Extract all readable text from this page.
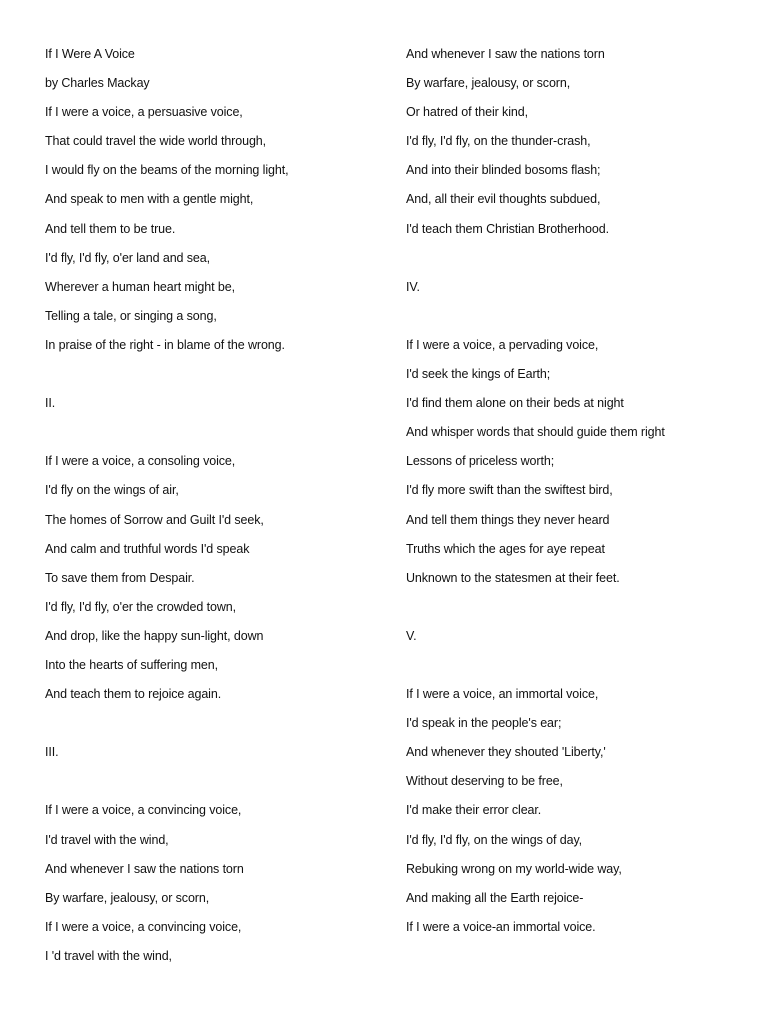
If I Were A Voice
by Charles Mackay
If I were a voice, a persuasive voice,
That could travel the wide world through,
I would fly on the beams of the morning light,
And speak to men with a gentle might,
And tell them to be true.
I'd fly, I'd fly, o'er land and sea,
Wherever a human heart might be,
Telling a tale, or singing a song,
In praise of the right - in blame of the wrong.
II.
If I were a voice, a consoling voice,
I'd fly on the wings of air,
The homes of Sorrow and Guilt I'd seek,
And calm and truthful words I'd speak
To save them from Despair.
I'd fly, I'd fly, o'er the crowded town,
And drop, like the happy sun-light, down
Into the hearts of suffering men,
And teach them to rejoice again.
III.
If I were a voice, a convincing voice,
I'd travel with the wind,
And whenever I saw the nations torn
By warfare, jealousy, or scorn,
If I were a voice, a convincing voice,
I 'd travel with the wind,
And whenever I saw the nations torn
By warfare, jealousy, or scorn,
Or hatred of their kind,
I'd fly, I'd fly, on the thunder-crash,
And into their blinded bosoms flash;
And, all their evil thoughts subdued,
I'd teach them Christian Brotherhood.
IV.
If I were a voice, a pervading voice,
I'd seek the kings of Earth;
I'd find them alone on their beds at night
And whisper words that should guide them right
Lessons of priceless worth;
I'd fly more swift than the swiftest bird,
And tell them things they never heard
Truths which the ages for aye repeat
Unknown to the statesmen at their feet.
V.
If I were a voice, an immortal voice,
I'd speak in the people's ear;
And whenever they shouted 'Liberty,'
Without deserving to be free,
I'd make their error clear.
I'd fly, I'd fly, on the wings of day,
Rebuking wrong on my world-wide way,
And making all the Earth rejoice-
If I were a voice-an immortal voice.
